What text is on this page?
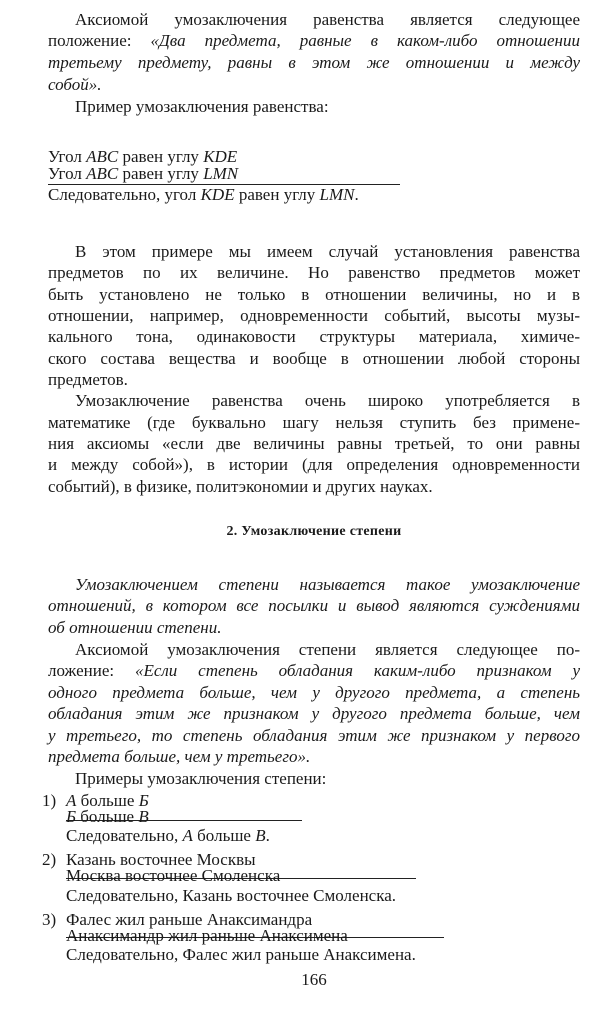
Аксиомой умозаключения равенства является следующее
положение: «Два предмета, равные в каком-либо отношении
третьему предмету, равны в этом же отношении и между
собой».
Пример умозаключения равенства:
Угол ABC равен углу KDE
Угол ABC равен углу LMN
Следовательно, угол KDE равен углу LMN.
В этом примере мы имеем случай установления равенства
предметов по их величине. Но равенство предметов может
быть установлено не только в отношении величины, но и в
отношении, например, одновременности событий, высоты музы-
кального тона, одинаковости структуры материала, химиче-
ского состава вещества и вообще в отношении любой стороны
предметов.
Умозаключение равенства очень широко употребляется в
математике (где буквально шагу нельзя ступить без примене-
ния аксиомы «если две величины равны третьей, то они равны
и между собой»), в истории (для определения одновременности
событий), в физике, политэкономии и других науках.
2. Умозаключение степени
Умозаключением степени называется такое умозаключение
отношений, в котором все посылки и вывод являются суждениями
об отношении степени.
Аксиомой умозаключения степени является следующее по-
ложение: «Если степень обладания каким-либо признаком у
одного предмета больше, чем у другого предмета, а степень
обладания этим же признаком у другого предмета больше, чем
у третьего, то степень обладания этим же признаком у первого
предмета больше, чем у третьего».
Примеры умозаключения степени:
1) А больше Б
Б больше В
Следовательно, А больше В.
2) Казань восточнее Москвы
Москва восточнее Смоленска
Следовательно, Казань восточнее Смоленска.
3) Фалес жил раньше Анаксимандра
Анаксимандр жил раньше Анаксимена
Следовательно, Фалес жил раньше Анаксимена.
166
